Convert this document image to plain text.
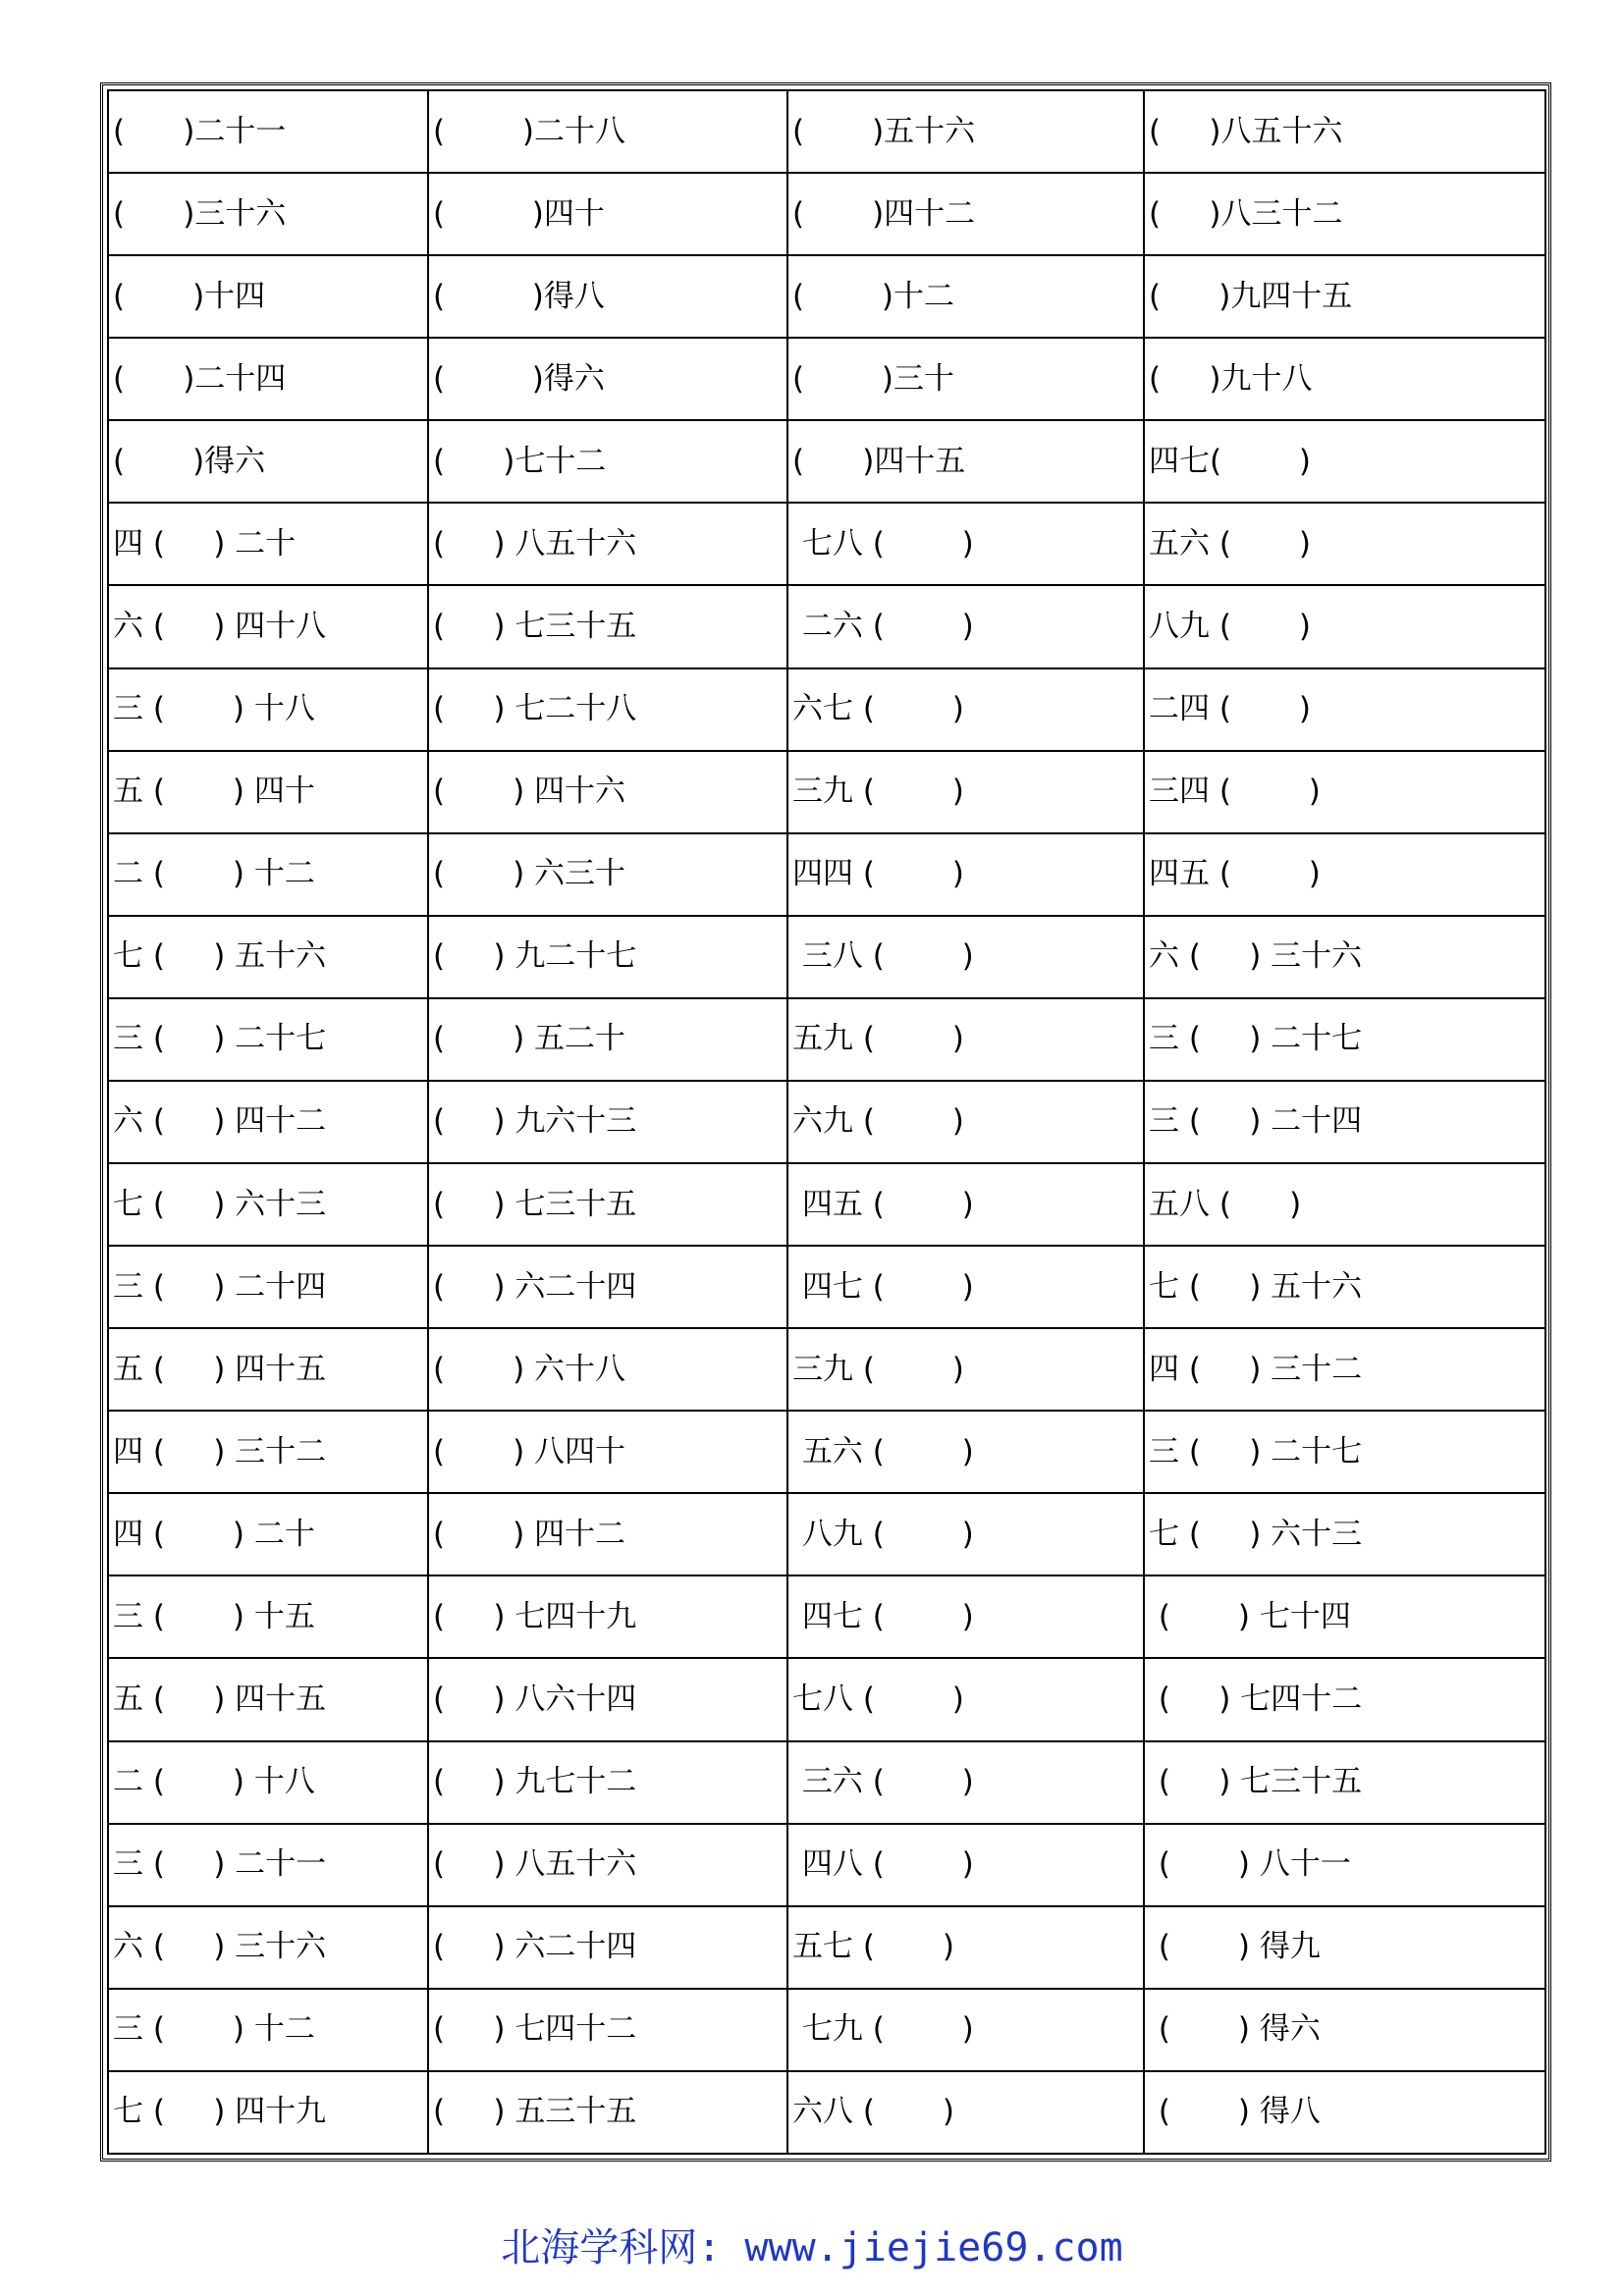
(      )二十一	(        )二十八	(       )五十六	(     )八五十六
(      )三十六	(         )四十	(       )四十二	(     )八三十二
(       )十四	(         )得八	(        )十二	(      )九四十五
(      )二十四	(         )得六	(        )三十	(     )九十八
(       )得六	(      )七十二	(      )四十五	四七(        )
四 (     ) 二十	(     ) 八五十六	七八 (        )	五六 (       )
六 (     ) 四十八	(     ) 七三十五	二六 (        )	八九 (       )
三 (       ) 十八	(     ) 七二十八	六七 (        )	二四 (       )
五 (       ) 四十	(       ) 四十六	三九 (        )	三四 (        )
二 (       ) 十二	(       ) 六三十	四四 (        )	四五 (        )
七 (     ) 五十六	(     ) 九二十七	三八 (        )	六 (     ) 三十六
三 (     ) 二十七	(       ) 五二十	五九 (        )	三 (     ) 二十七
六 (     ) 四十二	(     ) 九六十三	六九 (        )	三 (     ) 二十四
七 (     ) 六十三	(     ) 七三十五	四五 (        )	五八 (      )
三 (     ) 二十四	(     ) 六二十四	四七 (        )	七 (     ) 五十六
五 (     ) 四十五	(       ) 六十八	三九 (        )	四 (     ) 三十二
四 (     ) 三十二	(       ) 八四十	五六 (        )	三 (     ) 二十七
四 (       ) 二十	(       ) 四十二	八九 (        )	七 (     ) 六十三
三 (       ) 十五	(     ) 七四十九	四七 (        )	(       ) 七十四
五 (     ) 四十五	(     ) 八六十四	七八 (        )	(     ) 七四十二
二 (       ) 十八	(     ) 九七十二	三六 (        )	(     ) 七三十五
三 (     ) 二十一	(     ) 八五十六	四八 (        )	(       ) 八十一
六 (     ) 三十六	(     ) 六二十四	五七 (       )	(       ) 得九
三 (       ) 十二	(     ) 七四十二	七九 (        )	(       ) 得六
七 (     ) 四十九	(     ) 五三十五	六八 (       )	(       ) 得八
北海学科网: www.jiejie69.com
